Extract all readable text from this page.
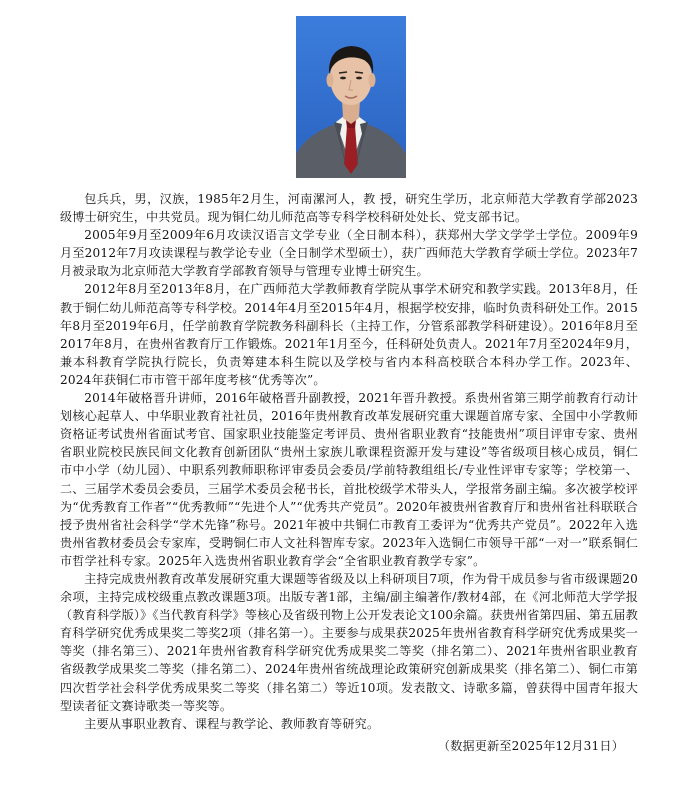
包兵兵，男，汉族，1985年2月生，河南漯河人，教 授，研究生学历，北京师范大学教育学部2023级博士研究生，中共党员。现为铜仁幼儿师范高等专科学校科研处处长、党支部书记。

2005年9月至2009年6月攻读汉语言文学专业（全日制本科），获郑州大学文学学士学位。2009年9月至2012年7月攻读课程与教学论专业（全日制学术型硕士），获广西师范大学教育学硕士学位。2023年7月被录取为北京师范大学教育学部教育领导与管理专业博士研究生。

2012年8月至2013年8月，在广西师范大学教师教育学院从事学术研究和教学实践。2013年8月，任教于铜仁幼儿师范高等专科学校。2014年4月至2015年4月，根据学校安排，临时负责科研处工作。2015年8月至2019年6月，任学前教育学院教务科副科长（主持工作，分管系部教学科研建设）。2016年8月至2017年8月，在贵州省教育厅工作锻炼。2021年1月至今，任科研处负责人。2021年7月至2024年9月，兼本科教育学院执行院长，负责筹建本科生院以及学校与省内本科高校联合本科办学工作。2023年、2024年获铜仁市市管干部年度考核“优秀等次”。

2014年破格晋升讲师，2016年破格晋升副教授，2021年晋升教授。系贵州省第三期学前教育行动计划核心起草人、中华职业教育社社员，2016年贵州教育改革发展研究重大课题首席专家、全国中小学教师资格证考试贵州省面试考官、国家职业技能鉴定考评员、贵州省职业教育“技能贵州”项目评审专家、贵州省职业院校民族民间文化教育创新团队“贵州土家族儿歌课程资源开发与建设”等省级项目核心成员，铜仁市中小学（幼儿园）、中职系列教师职称评审委员会委员/学前特教组组长/专业性评审专家等；学校第一、二、三届学术委员会委员，三届学术委员会秘书长，首批校级学术带头人，学报常务副主编。多次被学校评为“优秀教育工作者”“优秀教师”“先进个人”“优秀共产党员”。2020年被贵州省教育厅和贵州省社科联联合授予贵州省社会科学“学术先锋”称号。2021年被中共铜仁市教育工委评为“优秀共产党员”。2022年入选贵州省教材委员会专家库，受聘铜仁市人文社科智库专家。2023年入选铜仁市领导干部“一对一”联系铜仁市哲学社科专家。2025年入选贵州省职业教育学会“全省职业教育教学专家”。

主持完成贵州教育改革发展研究重大课题等省级及以上科研项目7项，作为骨干成员参与省市级课题20余项，主持完成校级重点教改课题3项。出版专著1部，主编/副主编著作/教材4部，在《河北师范大学学报（教育科学版）》《当代教育科学》等核心及省级刊物上公开发表论文100余篇。获贵州省第四届、第五届教育科学研究优秀成果奖二等奖2项（排名第一）。主要参与成果获2025年贵州省教育科学研究优秀成果奖一等奖（排名第三）、2021年贵州省教育科学研究优秀成果奖二等奖（排名第二）、2021年贵州省职业教育省级教学成果奖二等奖（排名第二）、2024年贵州省统战理论政策研究创新成果奖（排名第二）、铜仁市第四次哲学社会科学优秀成果奖二等奖（排名第二）等近10项。发表散文、诗歌多篇，曾获得中国青年报大型读者征文赛诗歌类一等奖等。

主要从事职业教育、课程与教学论、教师教育等研究。

（数据更新至2025年12月31日）
